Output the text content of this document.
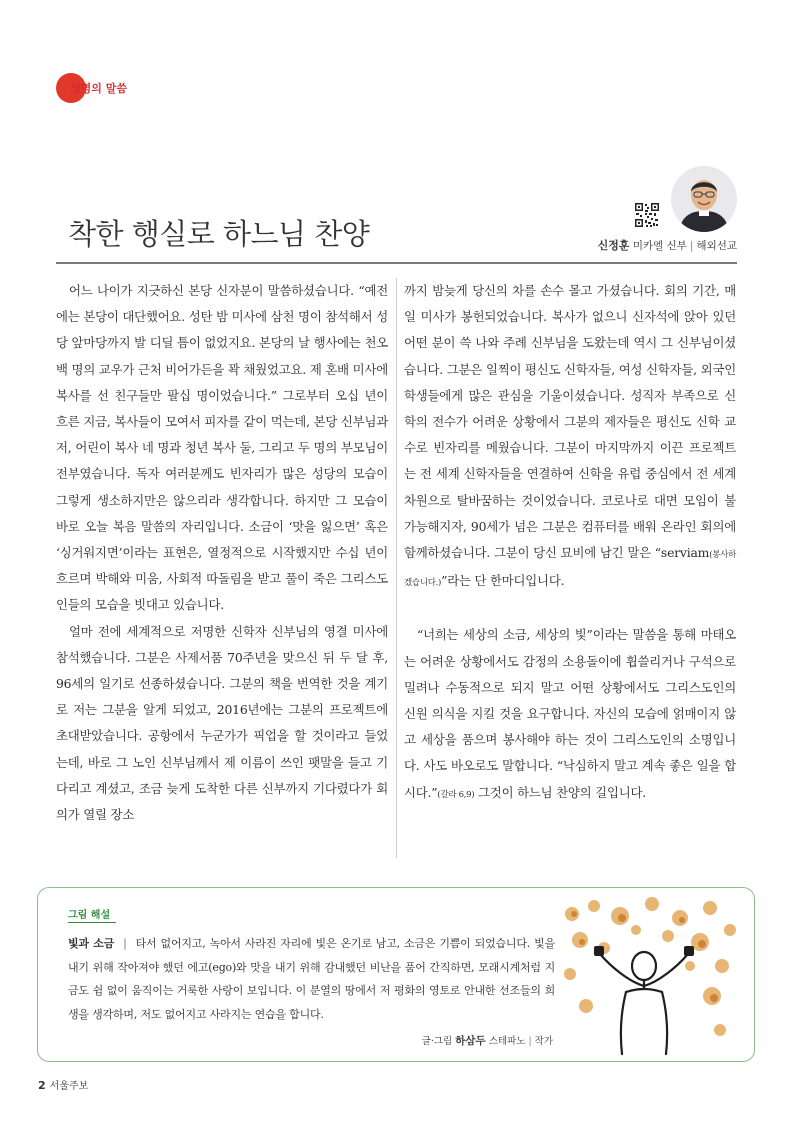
생명의 말씀
착한 행실로 하느님 찬양	신정훈 미카엘 신부 | 해외선교

어느 나이가 지긋하신 본당 신자분이 말씀하셨습니다. “예전에는 본당이 대단했어요. 성탄 밤 미사에 삼천 명이 참석해서 성당 앞마당까지 발 디딜 틈이 없었지요. 본당의 날 행사에는 천오백 명의 교우가 근처 비어가든을 꽉 채웠었고요. 제 혼배 미사에 복사를 선 친구들만 팔십 명이었습니다.” 그로부터 오십 년이 흐른 지금, 복사들이 모여서 피자를 같이 먹는데, 본당 신부님과 저, 어린이 복사 네 명과 청년 복사 둘, 그리고 두 명의 부모님이 전부였습니다. 독자 여러분께도 빈자리가 많은 성당의 모습이 그렇게 생소하지만은 않으리라 생각합니다. 하지만 그 모습이 바로 오늘 복음 말씀의 자리입니다. 소금이 ‘맛을 잃으면’ 혹은 ‘싱거워지면’이라는 표현은, 열정적으로 시작했지만 수십 년이 흐르며 박해와 미움, 사회적 따돌림을 받고 풀이 죽은 그리스도인들의 모습을 빗대고 있습니다.

얼마 전에 세계적으로 저명한 신학자 신부님의 영결 미사에 참석했습니다. 그분은 사제서품 70주년을 맞으신 뒤 두 달 후, 96세의 일기로 선종하셨습니다. 그분의 책을 번역한 것을 계기로 저는 그분을 알게 되었고, 2016년에는 그분의 프로젝트에 초대받았습니다. 공항에서 누군가가 픽업을 할 것이라고 들었는데, 바로 그 노인 신부님께서 제 이름이 쓰인 팻말을 들고 기다리고 계셨고, 조금 늦게 도착한 다른 신부까지 기다렸다가 회의가 열릴 장소

까지 밤늦게 당신의 차를 손수 몰고 가셨습니다. 회의 기간, 매일 미사가 봉헌되었습니다. 복사가 없으니 신자석에 앉아 있던 어떤 분이 쓱 나와 주례 신부님을 도왔는데 역시 그 신부님이셨습니다. 그분은 일찍이 평신도 신학자들, 여성 신학자들, 외국인 학생들에게 많은 관심을 기울이셨습니다. 성직자 부족으로 신학의 전수가 어려운 상황에서 그분의 제자들은 평신도 신학 교수로 빈자리를 메웠습니다. 그분이 마지막까지 이끈 프로젝트는 전 세계 신학자들을 연결하여 신학을 유럽 중심에서 전 세계 차원으로 탈바꿈하는 것이었습니다. 코로나로 대면 모임이 불가능해지자, 90세가 넘은 그분은 컴퓨터를 배워 온라인 회의에 함께하셨습니다. 그분이 당신 묘비에 남긴 말은 “serviam(봉사하겠습니다.)”라는 단 한마디입니다.

“너희는 세상의 소금, 세상의 빛”이라는 말씀을 통해 마태오는 어려운 상황에서도 감정의 소용돌이에 휩쓸리거나 구석으로 밀려나 수동적으로 되지 말고 어떤 상황에서도 그리스도인의 신원 의식을 지킬 것을 요구합니다. 자신의 모습에 얽매이지 않고 세상을 품으며 봉사해야 하는 것이 그리스도인의 소명입니다. 사도 바오로도 말합니다. “낙심하지 말고 계속 좋은 일을 합시다.”(갈라 6,9) 그것이 하느님 찬양의 길입니다.

그림 해설
빛과 소금 | 타서 없어지고, 녹아서 사라진 자리에 빛은 온기로 남고, 소금은 기쁨이 되었습니다. 빛을 내기 위해 작아져야 했던 에고(ego)와 맛을 내기 위해 감내했던 비난을 품어 간직하면, 모래시계처럼 지금도 쉼 없이 움직이는 거룩한 사랑이 보입니다. 이 분열의 땅에서 저 평화의 영토로 안내한 선조들의 희생을 생각하며, 저도 없어지고 사라지는 연습을 합니다.
글·그림 하삼두 스테파노 | 작가
2 서울주보
